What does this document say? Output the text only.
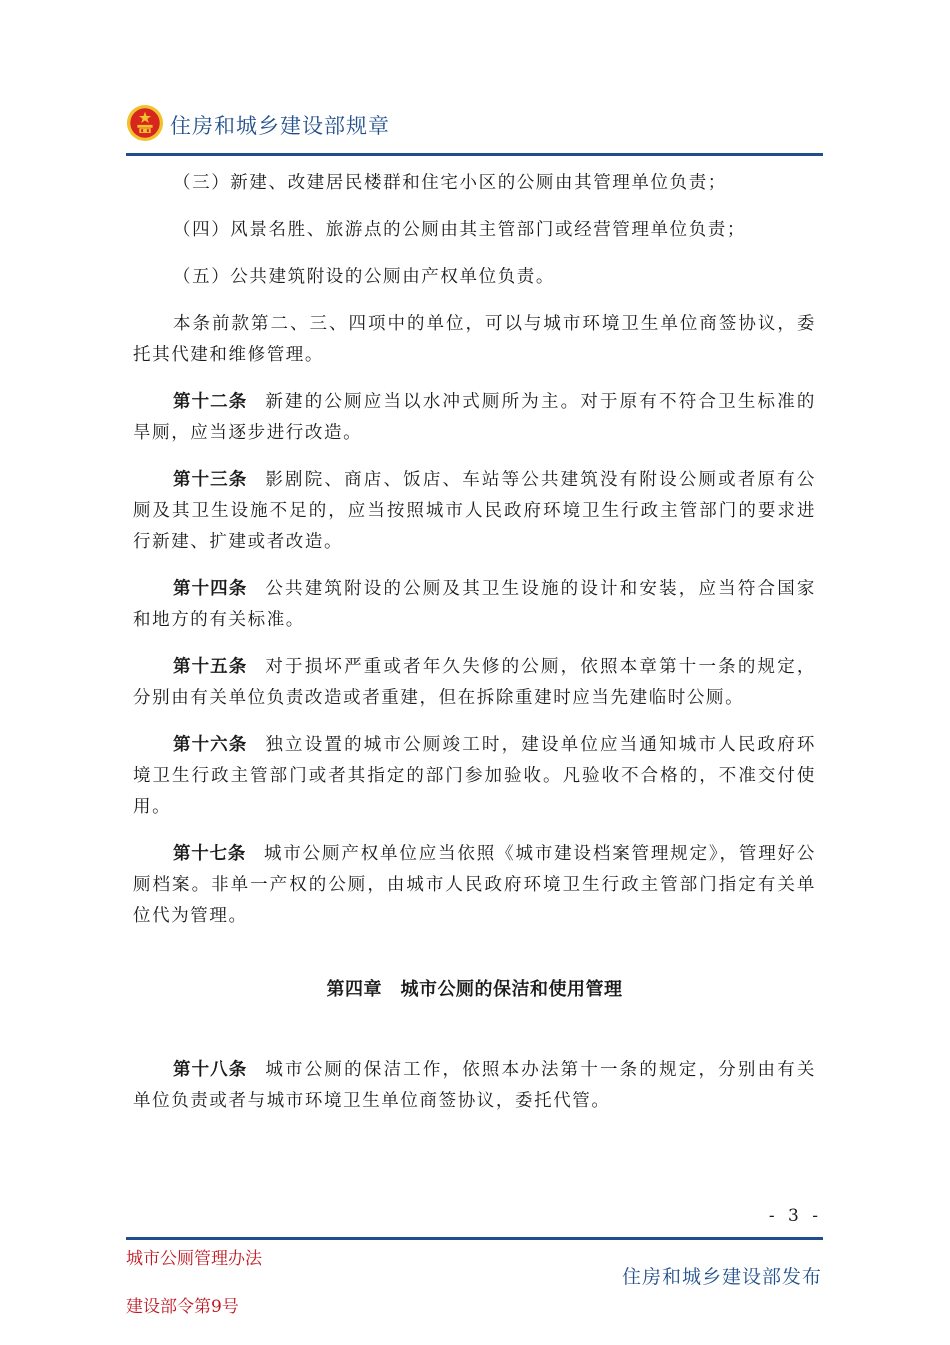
住房和城乡建设部规章

（三）新建、改建居民楼群和住宅小区的公厕由其管理单位负责；

（四）风景名胜、旅游点的公厕由其主管部门或经营管理单位负责；

（五）公共建筑附设的公厕由产权单位负责。

本条前款第二、三、四项中的单位，可以与城市环境卫生单位商签协议，委托其代建和维修管理。

第十二条 新建的公厕应当以水冲式厕所为主。对于原有不符合卫生标准的旱厕，应当逐步进行改造。

第十三条 影剧院、商店、饭店、车站等公共建筑没有附设公厕或者原有公厕及其卫生设施不足的，应当按照城市人民政府环境卫生行政主管部门的要求进行新建、扩建或者改造。

第十四条 公共建筑附设的公厕及其卫生设施的设计和安装，应当符合国家和地方的有关标准。

第十五条 对于损坏严重或者年久失修的公厕，依照本章第十一条的规定，分别由有关单位负责改造或者重建，但在拆除重建时应当先建临时公厕。

第十六条 独立设置的城市公厕竣工时，建设单位应当通知城市人民政府环境卫生行政主管部门或者其指定的部门参加验收。凡验收不合格的，不准交付使用。

第十七条 城市公厕产权单位应当依照《城市建设档案管理规定》，管理好公厕档案。非单一产权的公厕，由城市人民政府环境卫生行政主管部门指定有关单位代为管理。

第四章　城市公厕的保洁和使用管理

第十八条 城市公厕的保洁工作，依照本办法第十一条的规定，分别由有关单位负责或者与城市环境卫生单位商签协议，委托代管。

- 3 -
城市公厕管理办法
建设部令第9号
住房和城乡建设部发布
